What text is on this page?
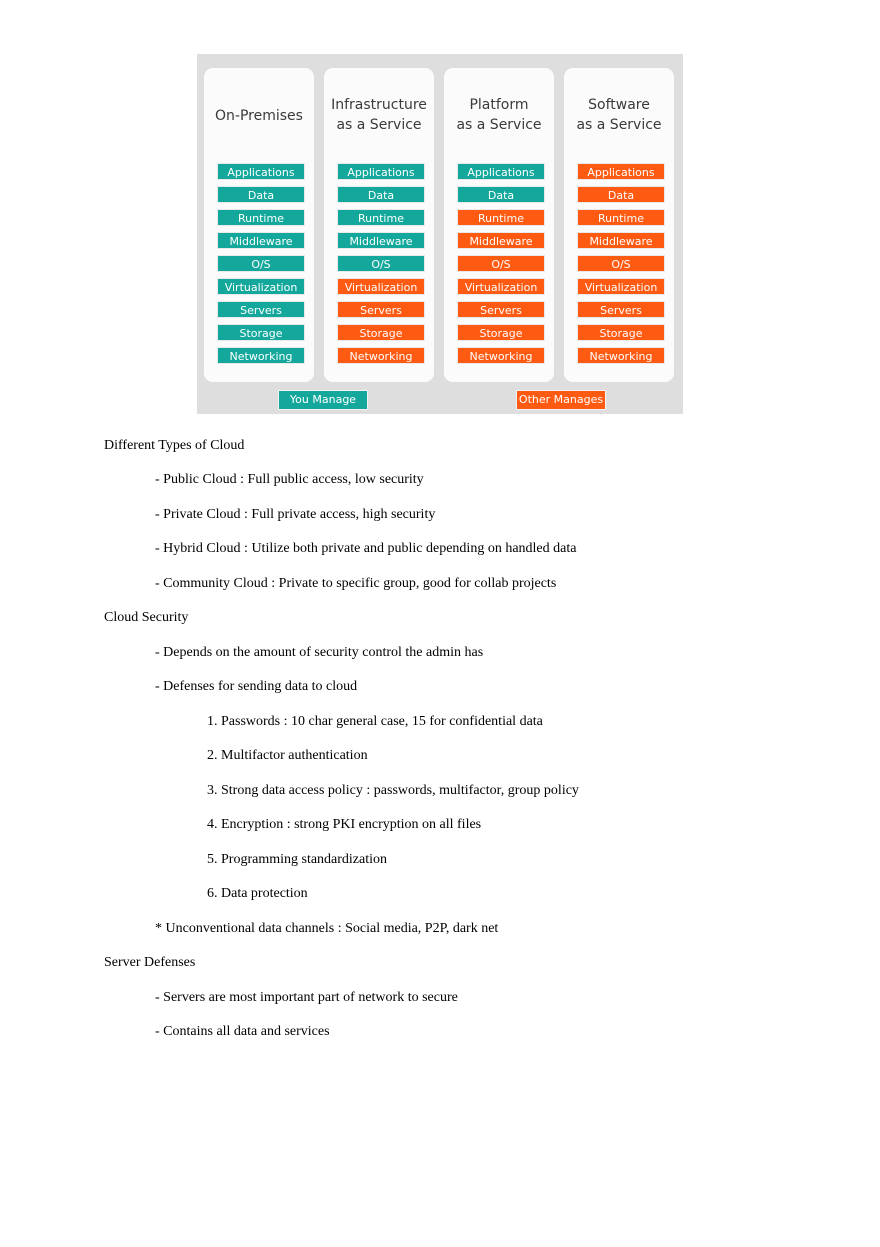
On-Premises
Applications
Data
Runtime
Middleware
O/S
Virtualization
Servers
Storage
Networking
Infrastructure
as a Service
Applications
Data
Runtime
Middleware
O/S
Virtualization
Servers
Storage
Networking
Platform
as a Service
Applications
Data
Runtime
Middleware
O/S
Virtualization
Servers
Storage
Networking
Software
as a Service
Applications
Data
Runtime
Middleware
O/S
Virtualization
Servers
Storage
Networking
You Manage	Other Manages
Different Types of Cloud
- Public Cloud : Full public access, low security
- Private Cloud : Full private access, high security
- Hybrid Cloud : Utilize both private and public depending on handled data
- Community Cloud : Private to specific group, good for collab projects
Cloud Security
- Depends on the amount of security control the admin has
- Defenses for sending data to cloud
1. Passwords : 10 char general case, 15 for confidential data
2. Multifactor authentication
3. Strong data access policy : passwords, multifactor, group policy
4. Encryption : strong PKI encryption on all files
5. Programming standardization
6. Data protection
* Unconventional data channels : Social media, P2P, dark net
Server Defenses
- Servers are most important part of network to secure
- Contains all data and services
